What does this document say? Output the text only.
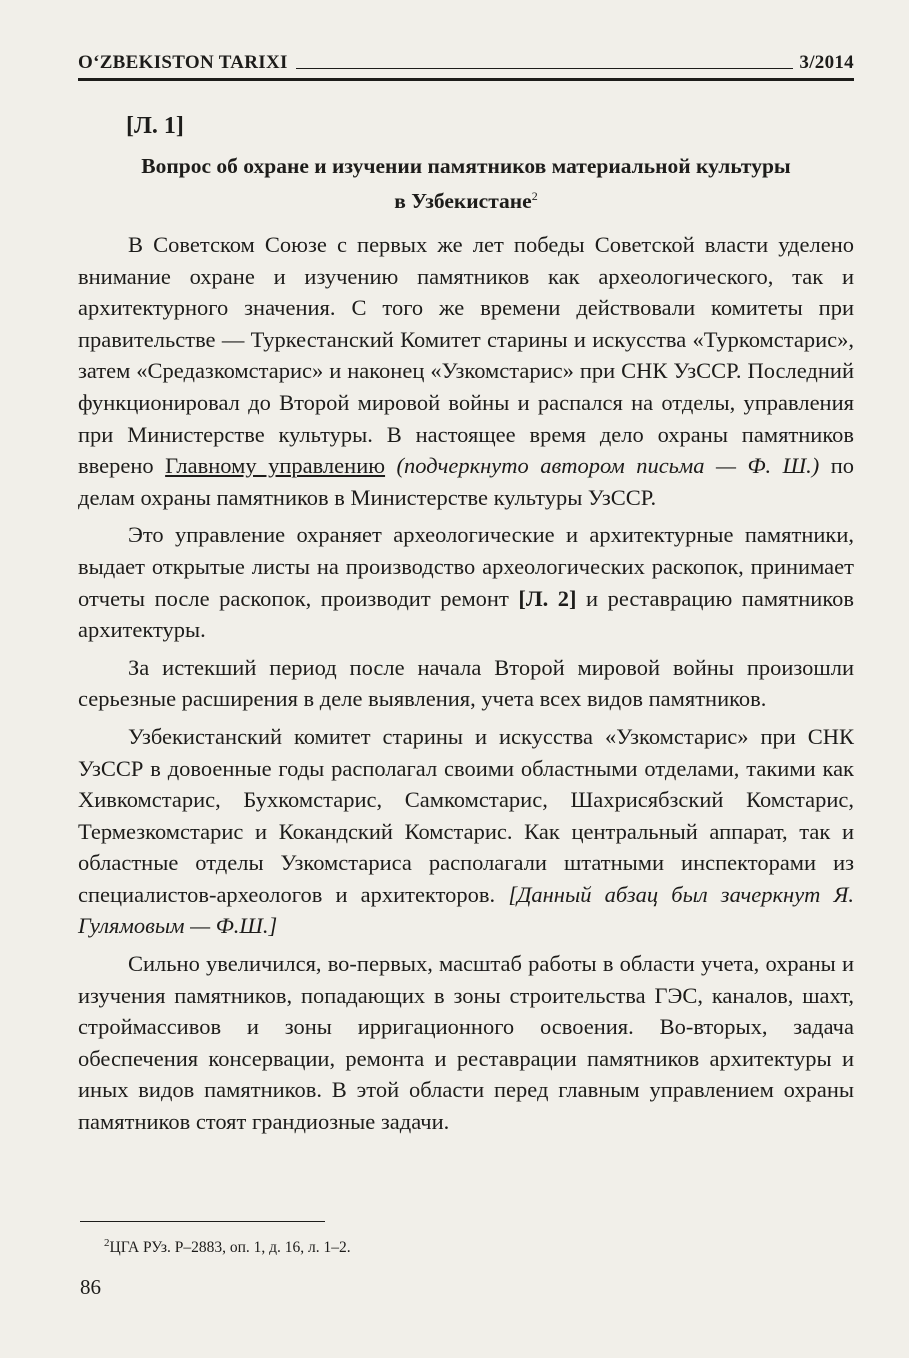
O‘ZBEKISTON TARIXI	3/2014
[Л. 1]
Вопрос об охране и изучении памятников материальной культуры
в Узбекистане$^2$

В Советском Союзе с первых же лет победы Советской власти уделено внимание охране и изучению памятников как археологического, так и архитектурного значения. С того же времени действовали комитеты при правительстве — Туркестанский Комитет старины и искусства «Туркомстарис», затем «Средазкомстарис» и наконец «Узкомстарис» при СНК УзССР. Последний функционировал до Второй мировой войны и распался на отделы, управления при Министерстве культуры. В настоящее время дело охраны памятников вверено Главному управлению (подчеркнуто автором письма — Ф. Ш.) по делам охраны памятников в Министерстве культуры УзССР.

Это управление охраняет археологические и архитектурные памятники, выдает открытые листы на производство археологических раскопок, принимает отчеты после раскопок, производит ремонт [Л. 2] и реставрацию памятников архитектуры.

За истекший период после начала Второй мировой войны произошли серьезные расширения в деле выявления, учета всех видов памятников.

Узбекистанский комитет старины и искусства «Узкомстарис» при СНК УзССР в довоенные годы располагал своими областными отделами, такими как Хивкомстарис, Бухкомстарис, Самкомстарис, Шахрисябзский Комстарис, Термезкомстарис и Кокандский Комстарис. Как центральный аппарат, так и областные отделы Узкомстариса располагали штатными инспекторами из специалистов-археологов и архитекторов. [Данный абзац был зачеркнут Я. Гулямовым — Ф.Ш.]

Сильно увеличился, во-первых, масштаб работы в области учета, охраны и изучения памятников, попадающих в зоны строительства ГЭС, каналов, шахт, строймассивов и зоны ирригационного освоения. Во-вторых, задача обеспечения консервации, ремонта и реставрации памятников архитектуры и иных видов памятников. В этой области перед главным управлением охраны памятников стоят грандиозные задачи.

$^2$ЦГА РУз. Р–2883, оп. 1, д. 16, л. 1–2.
86
